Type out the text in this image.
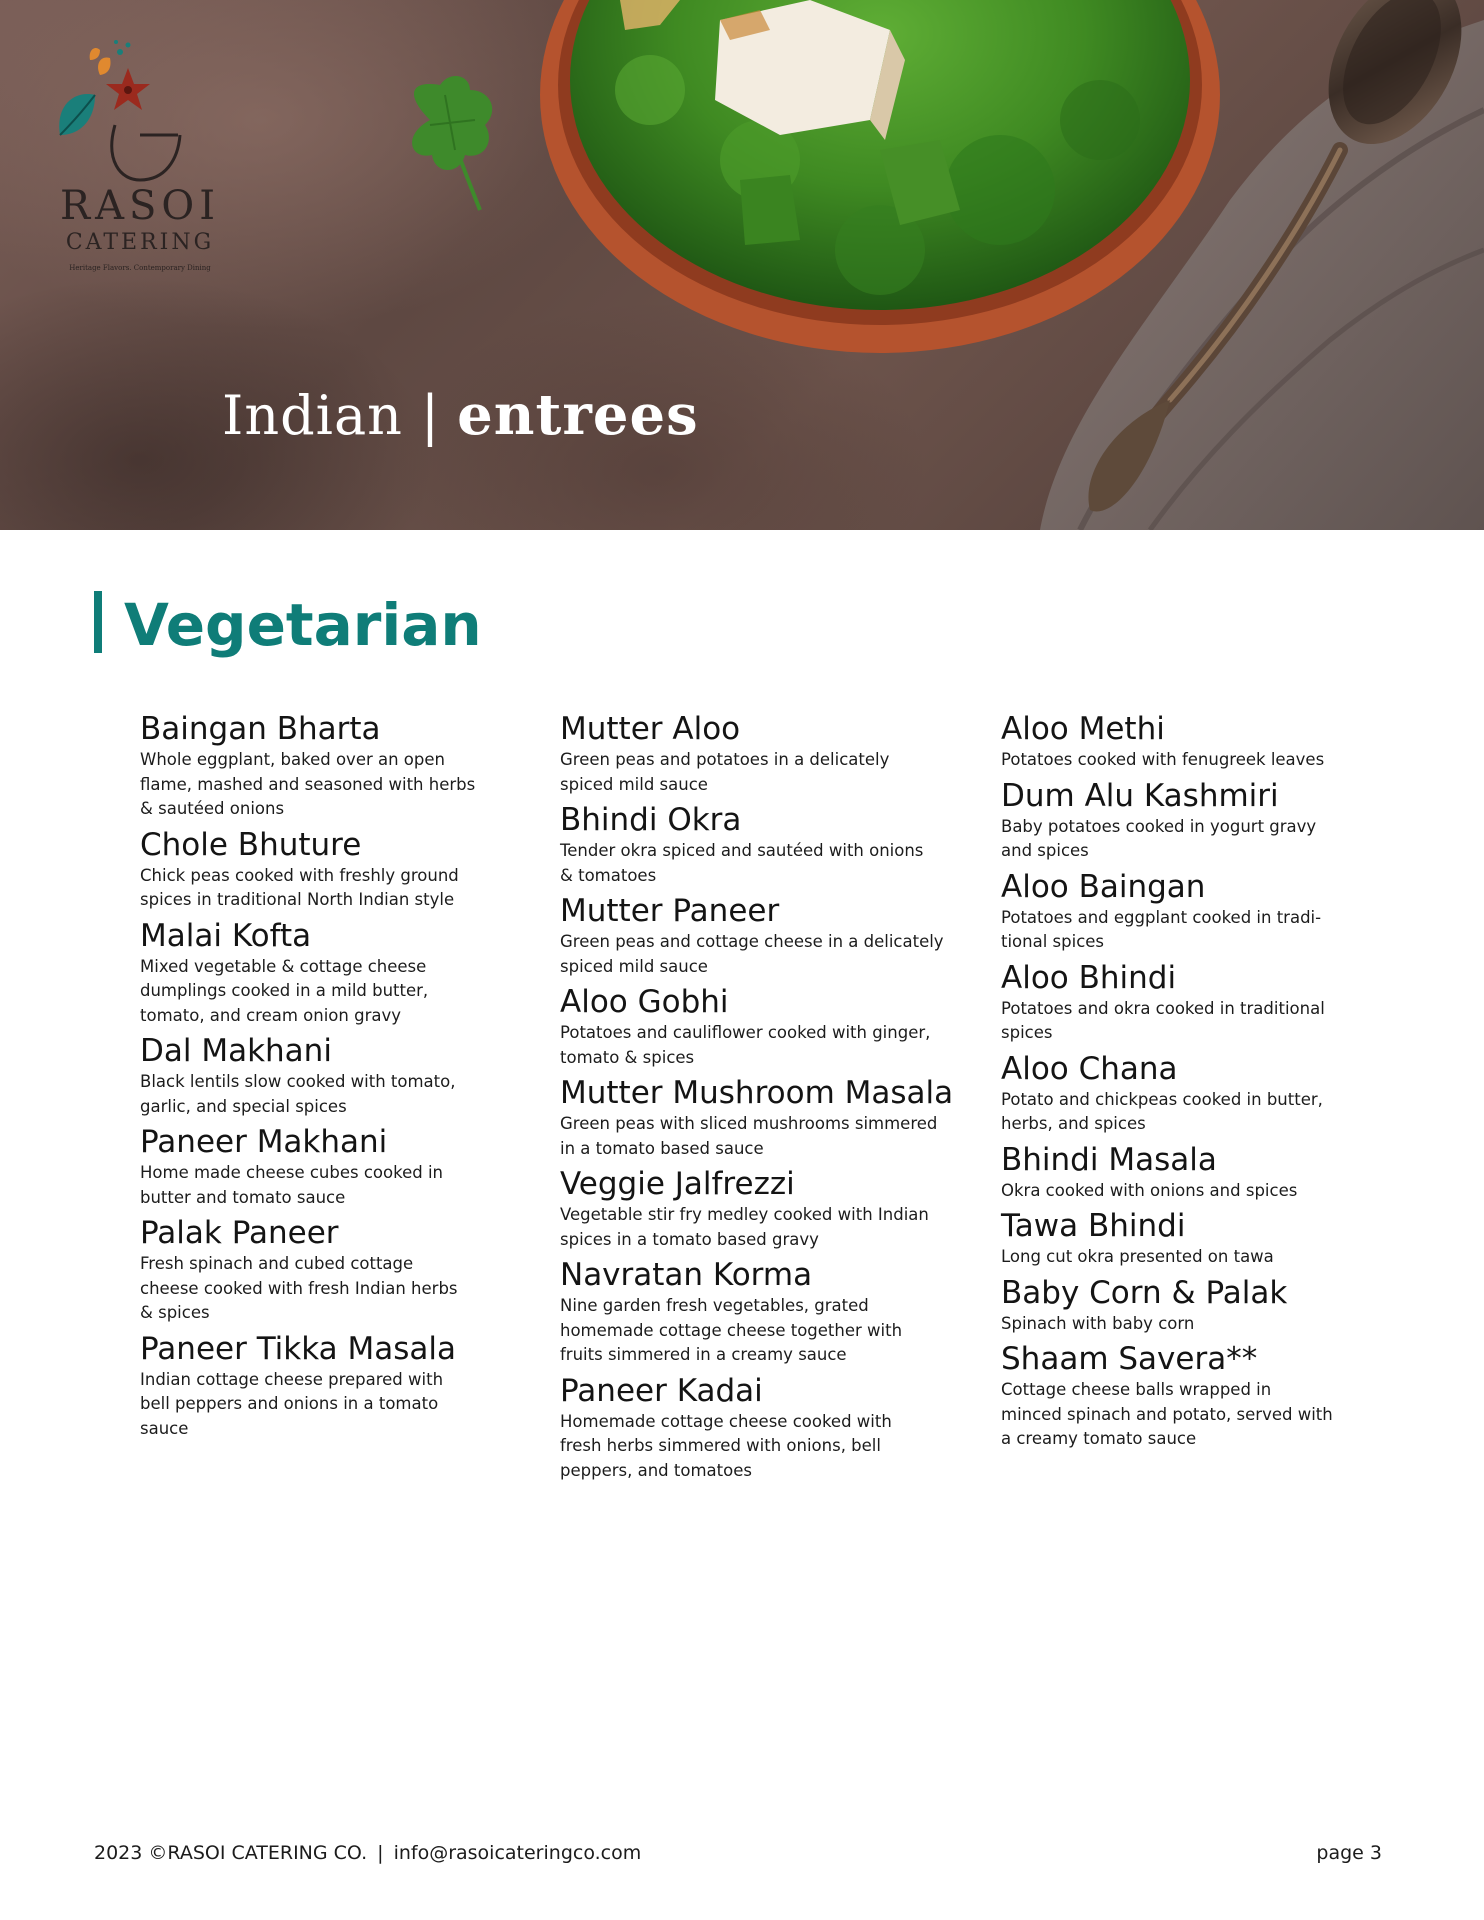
RASOI
CATERING
Heritage Flavors. Contemporary Dining
Indian | entrees
Vegetarian
Baingan Bharta
Whole eggplant, baked over an open
flame, mashed and seasoned with herbs
& sautéed onions
Chole Bhuture
Chick peas cooked with freshly ground
spices in traditional North Indian style
Malai Kofta
Mixed vegetable & cottage cheese
dumplings cooked in a mild butter,
tomato, and cream onion gravy
Dal Makhani
Black lentils slow cooked with tomato,
garlic, and special spices
Paneer Makhani
Home made cheese cubes cooked in
butter and tomato sauce
Palak Paneer
Fresh spinach and cubed cottage
cheese cooked with fresh Indian herbs
& spices
Paneer Tikka Masala
Indian cottage cheese prepared with
bell peppers and onions in a tomato
sauce
Mutter Aloo
Green peas and potatoes in a delicately
spiced mild sauce
Bhindi Okra
Tender okra spiced and sautéed with onions
& tomatoes
Mutter Paneer
Green peas and cottage cheese in a delicately
spiced mild sauce
Aloo Gobhi
Potatoes and cauliflower cooked with ginger,
tomato & spices
Mutter Mushroom Masala
Green peas with sliced mushrooms simmered
in a tomato based sauce
Veggie Jalfrezzi
Vegetable stir fry medley cooked with Indian
spices in a tomato based gravy
Navratan Korma
Nine garden fresh vegetables, grated
homemade cottage cheese together with
fruits simmered in a creamy sauce
Paneer Kadai
Homemade cottage cheese cooked with
fresh herbs simmered with onions, bell
peppers, and tomatoes
Aloo Methi
Potatoes cooked with fenugreek leaves
Dum Alu Kashmiri
Baby potatoes cooked in yogurt gravy
and spices
Aloo Baingan
Potatoes and eggplant cooked in tradi-
tional spices
Aloo Bhindi
Potatoes and okra cooked in traditional
spices
Aloo Chana
Potato and chickpeas cooked in butter,
herbs, and spices
Bhindi Masala
Okra cooked with onions and spices
Tawa Bhindi
Long cut okra presented on tawa
Baby Corn & Palak
Spinach with baby corn
Shaam Savera**
Cottage cheese balls wrapped in
minced spinach and potato, served with
a creamy tomato sauce
2023 ©RASOI CATERING CO. | info@rasoicateringco.com	page 3
